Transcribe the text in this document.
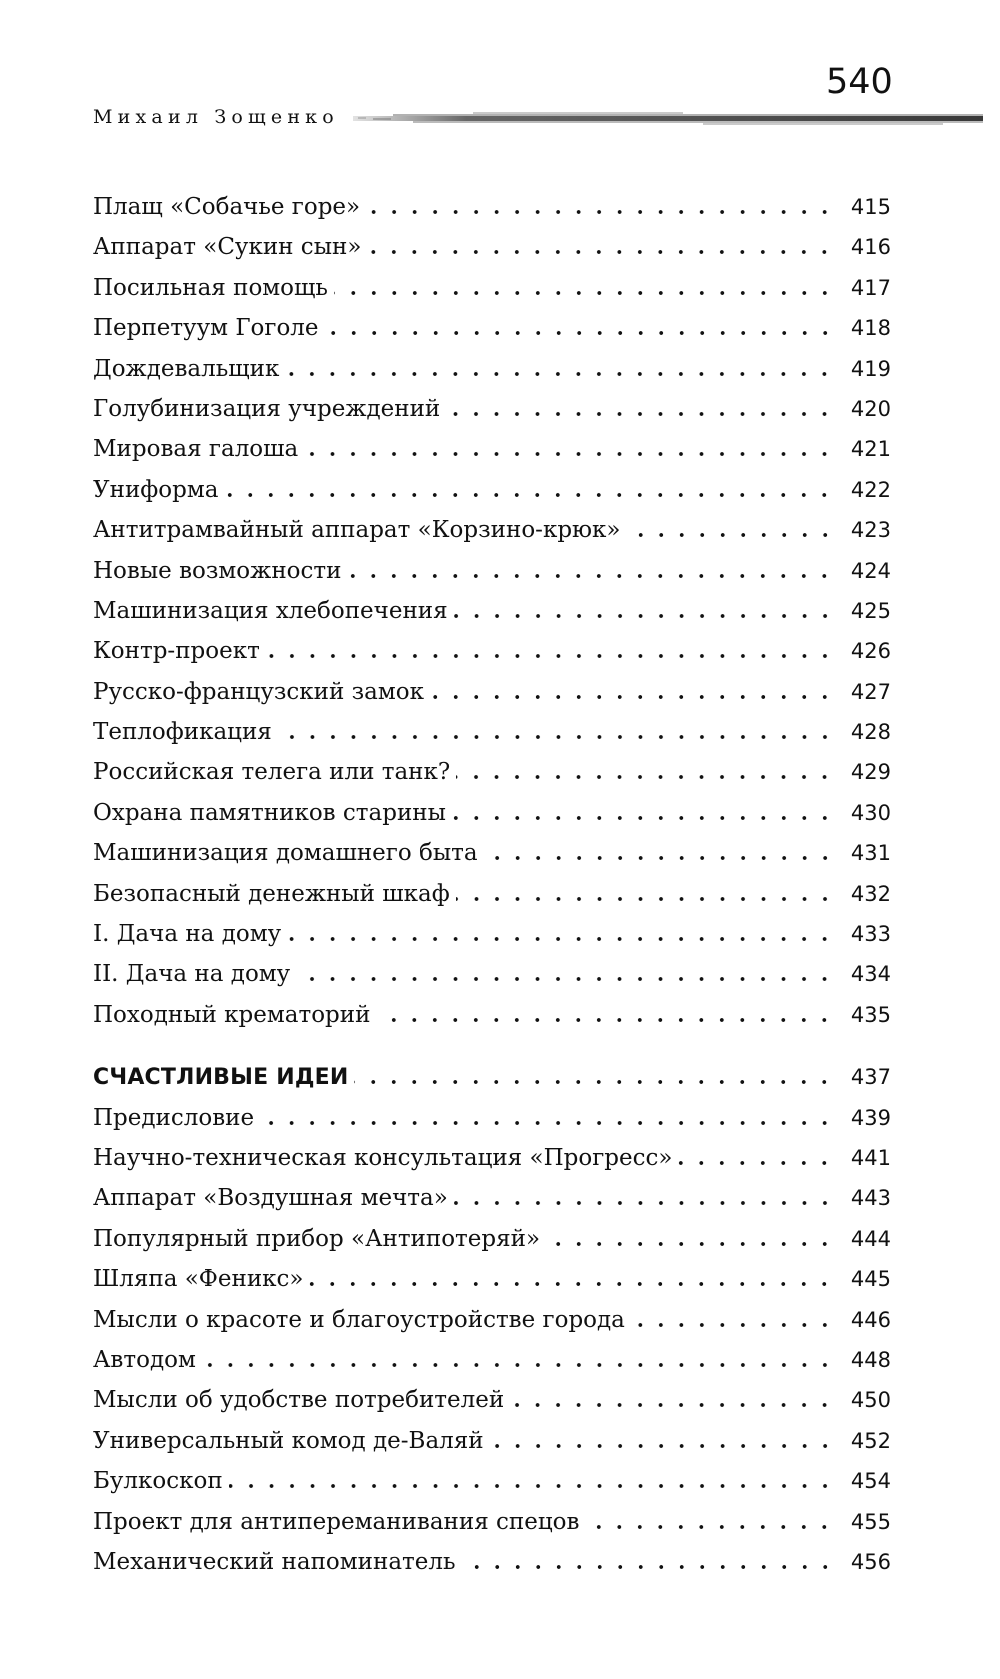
540
Михаил Зощенко
Плащ «Собачье горе»	415
Аппарат «Сукин сын»	416
Посильная помощь	417
Перпетуум Гоголе	418
Дождевальщик	419
Голубинизация учреждений	420
Мировая галоша	421
Униформа	422
Антитрамвайный аппарат «Корзино-крюк»	423
Новые возможности	424
Машинизация хлебопечения	425
Контр-проект	426
Русско-французский замок	427
Теплофикация	428
Российская телега или танк?	429
Охрана памятников старины	430
Машинизация домашнего быта	431
Безопасный денежный шкаф	432
I. Дача на дому	433
II. Дача на дому	434
Походный крематорий	435
СЧАСТЛИВЫЕ ИДЕИ	437
Предисловие	439
Научно-техническая консультация «Прогресс»	441
Аппарат «Воздушная мечта»	443
Популярный прибор «Антипотеряй»	444
Шляпа «Феникс»	445
Мысли о красоте и благоустройстве города	446
Автодом	448
Мысли об удобстве потребителей	450
Универсальный комод де-Валяй	452
Булкоскоп	454
Проект для антипереманивания спецов	455
Механический напоминатель	456
